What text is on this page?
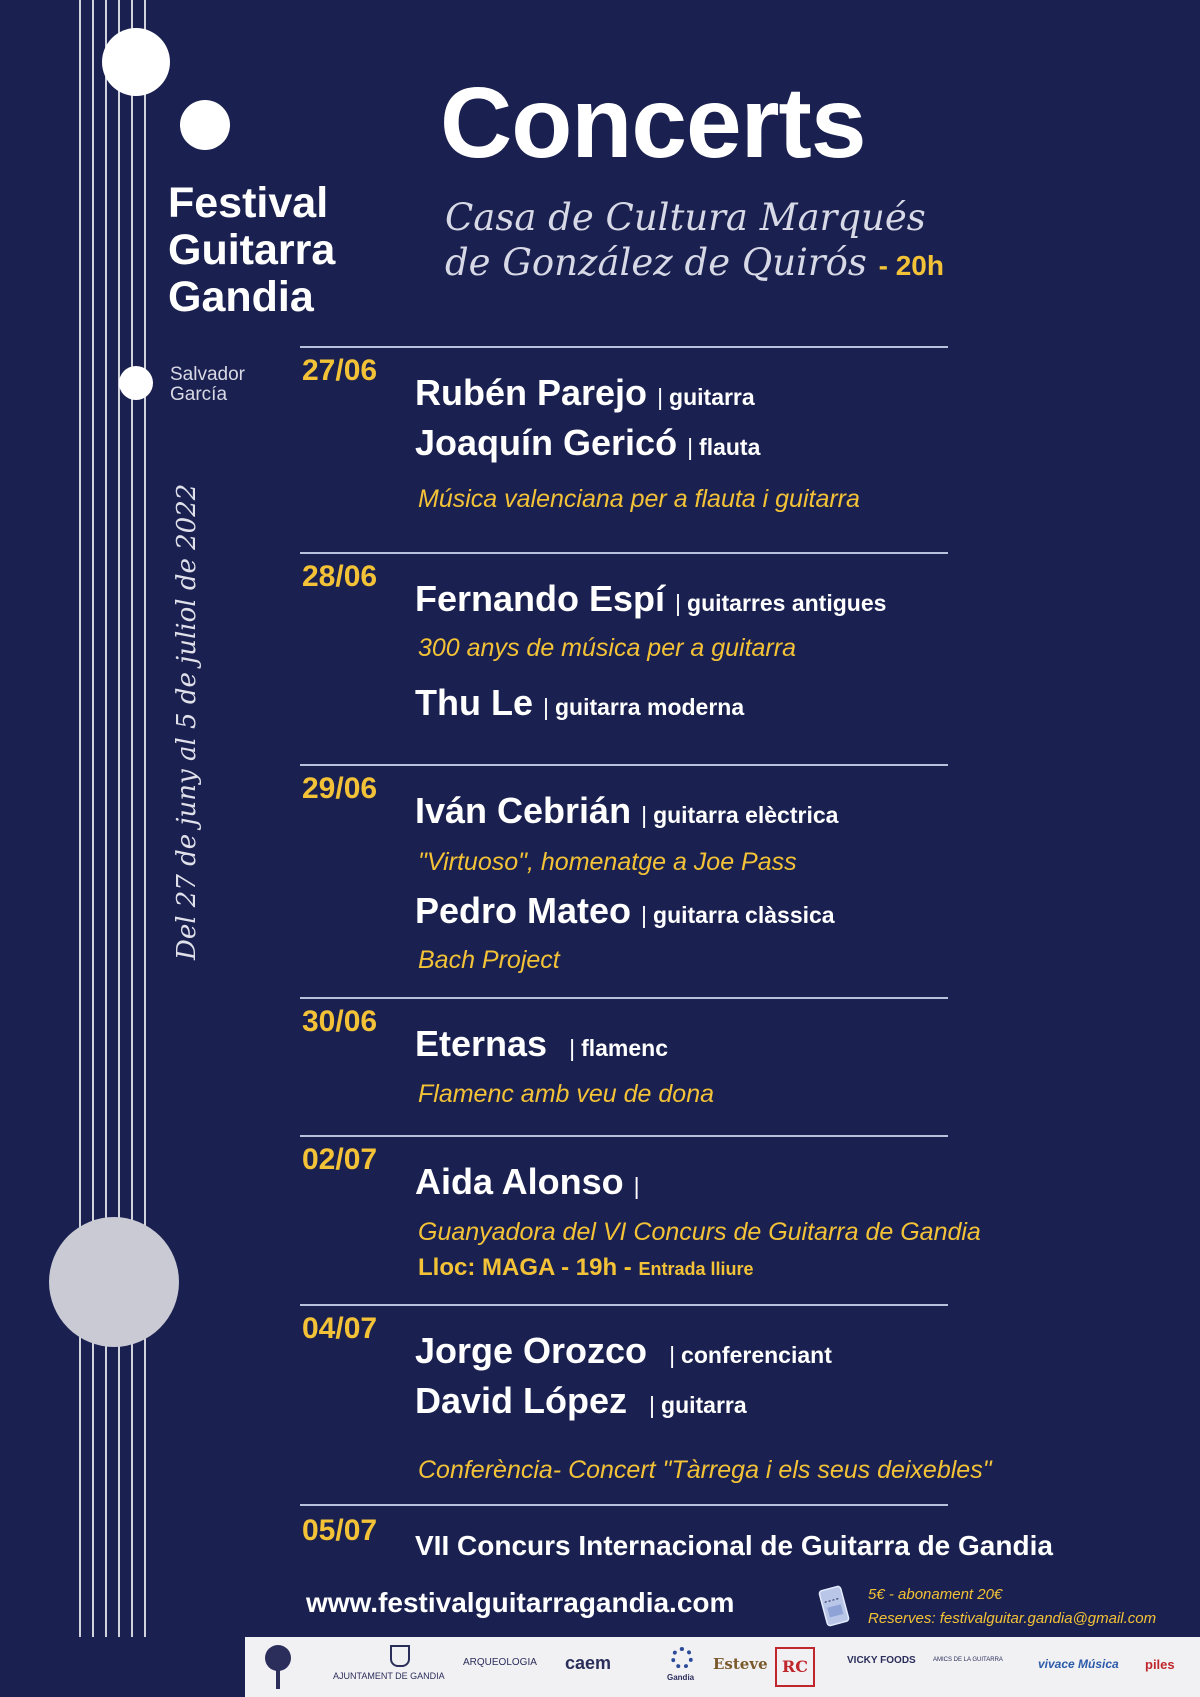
Festival
Guitarra
Gandia
Salvador
García
Del 27 de juny al 5 de juliol de 2022
Concerts
Casa de Cultura Marqués de González de Quirós - 20h
27/06
Rubén Parejo | guitarra
Joaquín Gericó | flauta
Música valenciana per a flauta i guitarra
28/06
Fernando Espí | guitarres antigues
300 anys de música per a guitarra
Thu Le | guitarra moderna
29/06
Iván Cebrián | guitarra elèctrica
"Virtuoso", homenatge a Joe Pass
Pedro Mateo | guitarra clàssica
Bach Project
30/06
Eternas | flamenc
Flamenc amb veu de dona
02/07
Aida Alonso |
Guanyadora del VI Concurs de Guitarra de Gandia
Lloc: MAGA - 19h - Entrada lliure
04/07
Jorge Orozco | conferenciant
David López | guitarra
Conferència- Concert "Tàrrega i els seus deixebles"
05/07 VII Concurs Internacional de Guitarra de Gandia
www.festivalguitarragandia.com	5€ - abonament 20€
Reserves: festivalguitar.gandia@gmail.com
AJUNTAMENT DE GANDIA
ARQUEOLOGIA caem
Gandia
Esteve RC	VICKY FOODS	AMICS DE LA GUITARRA	vivace Música piles
